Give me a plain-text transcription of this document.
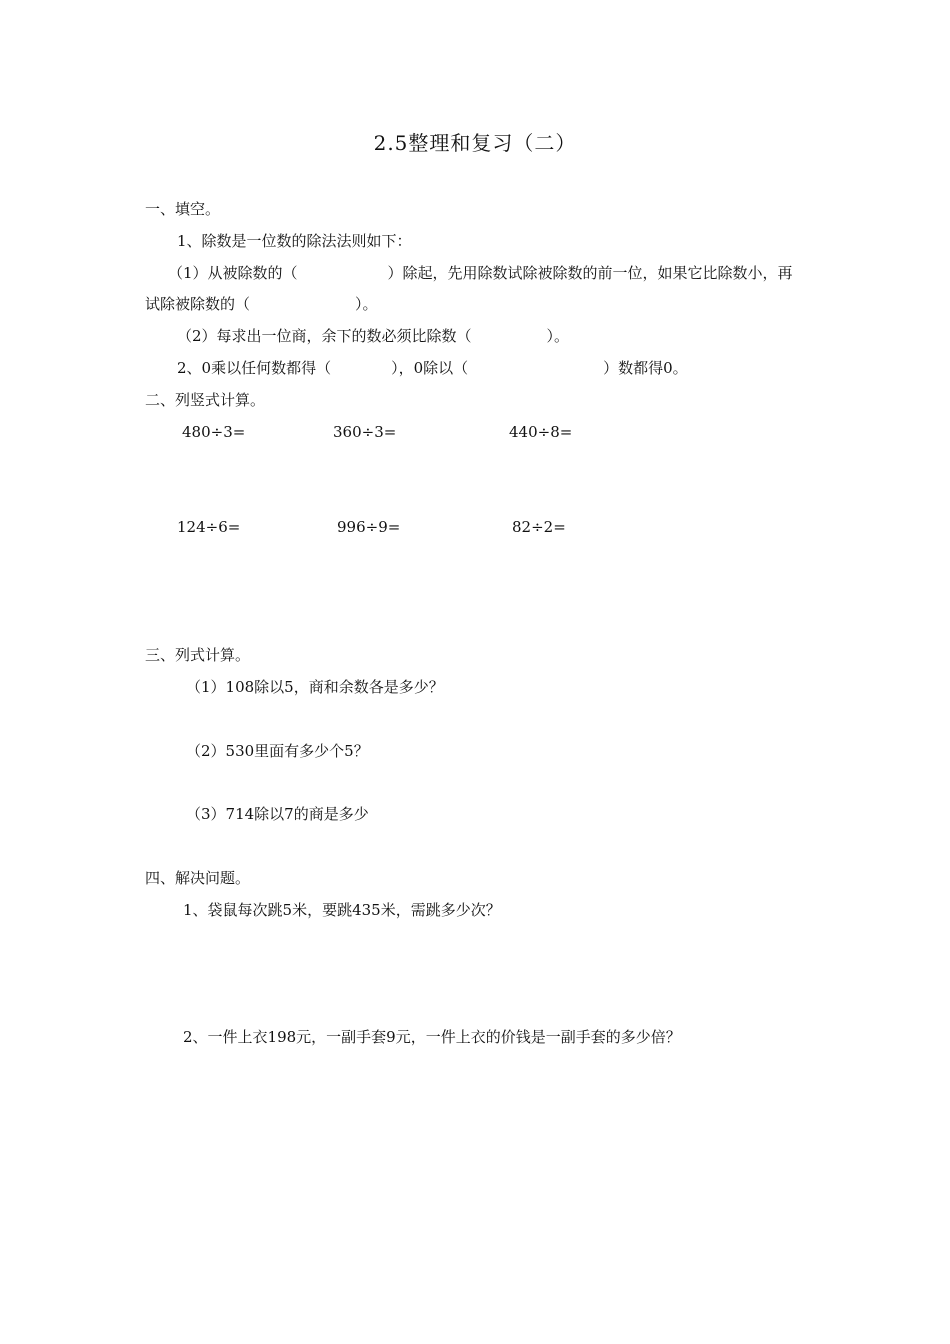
2.5整理和复习（二）
一、填空。
1、除数是一位数的除法法则如下：
（1）从被除数的（　　　　　　）除起，先用除数试除被除数的前一位，如果它比除数小，再
试除被除数的（　　　　　　　）。
（2）每求出一位商，余下的数必须比除数（　　　　　）。
2、0乘以任何数都得（　　　　），0除以（　　　　　　　　　）数都得0。
二、列竖式计算。
480÷3=	360÷3=	440÷8=
124÷6=	996÷9=	82÷2=
三、列式计算。
（1）108除以5，商和余数各是多少？
（2）530里面有多少个5？
（3）714除以7的商是多少
四、解决问题。
1、袋鼠每次跳5米，要跳435米，需跳多少次？
2、一件上衣198元，一副手套9元，一件上衣的价钱是一副手套的多少倍？
